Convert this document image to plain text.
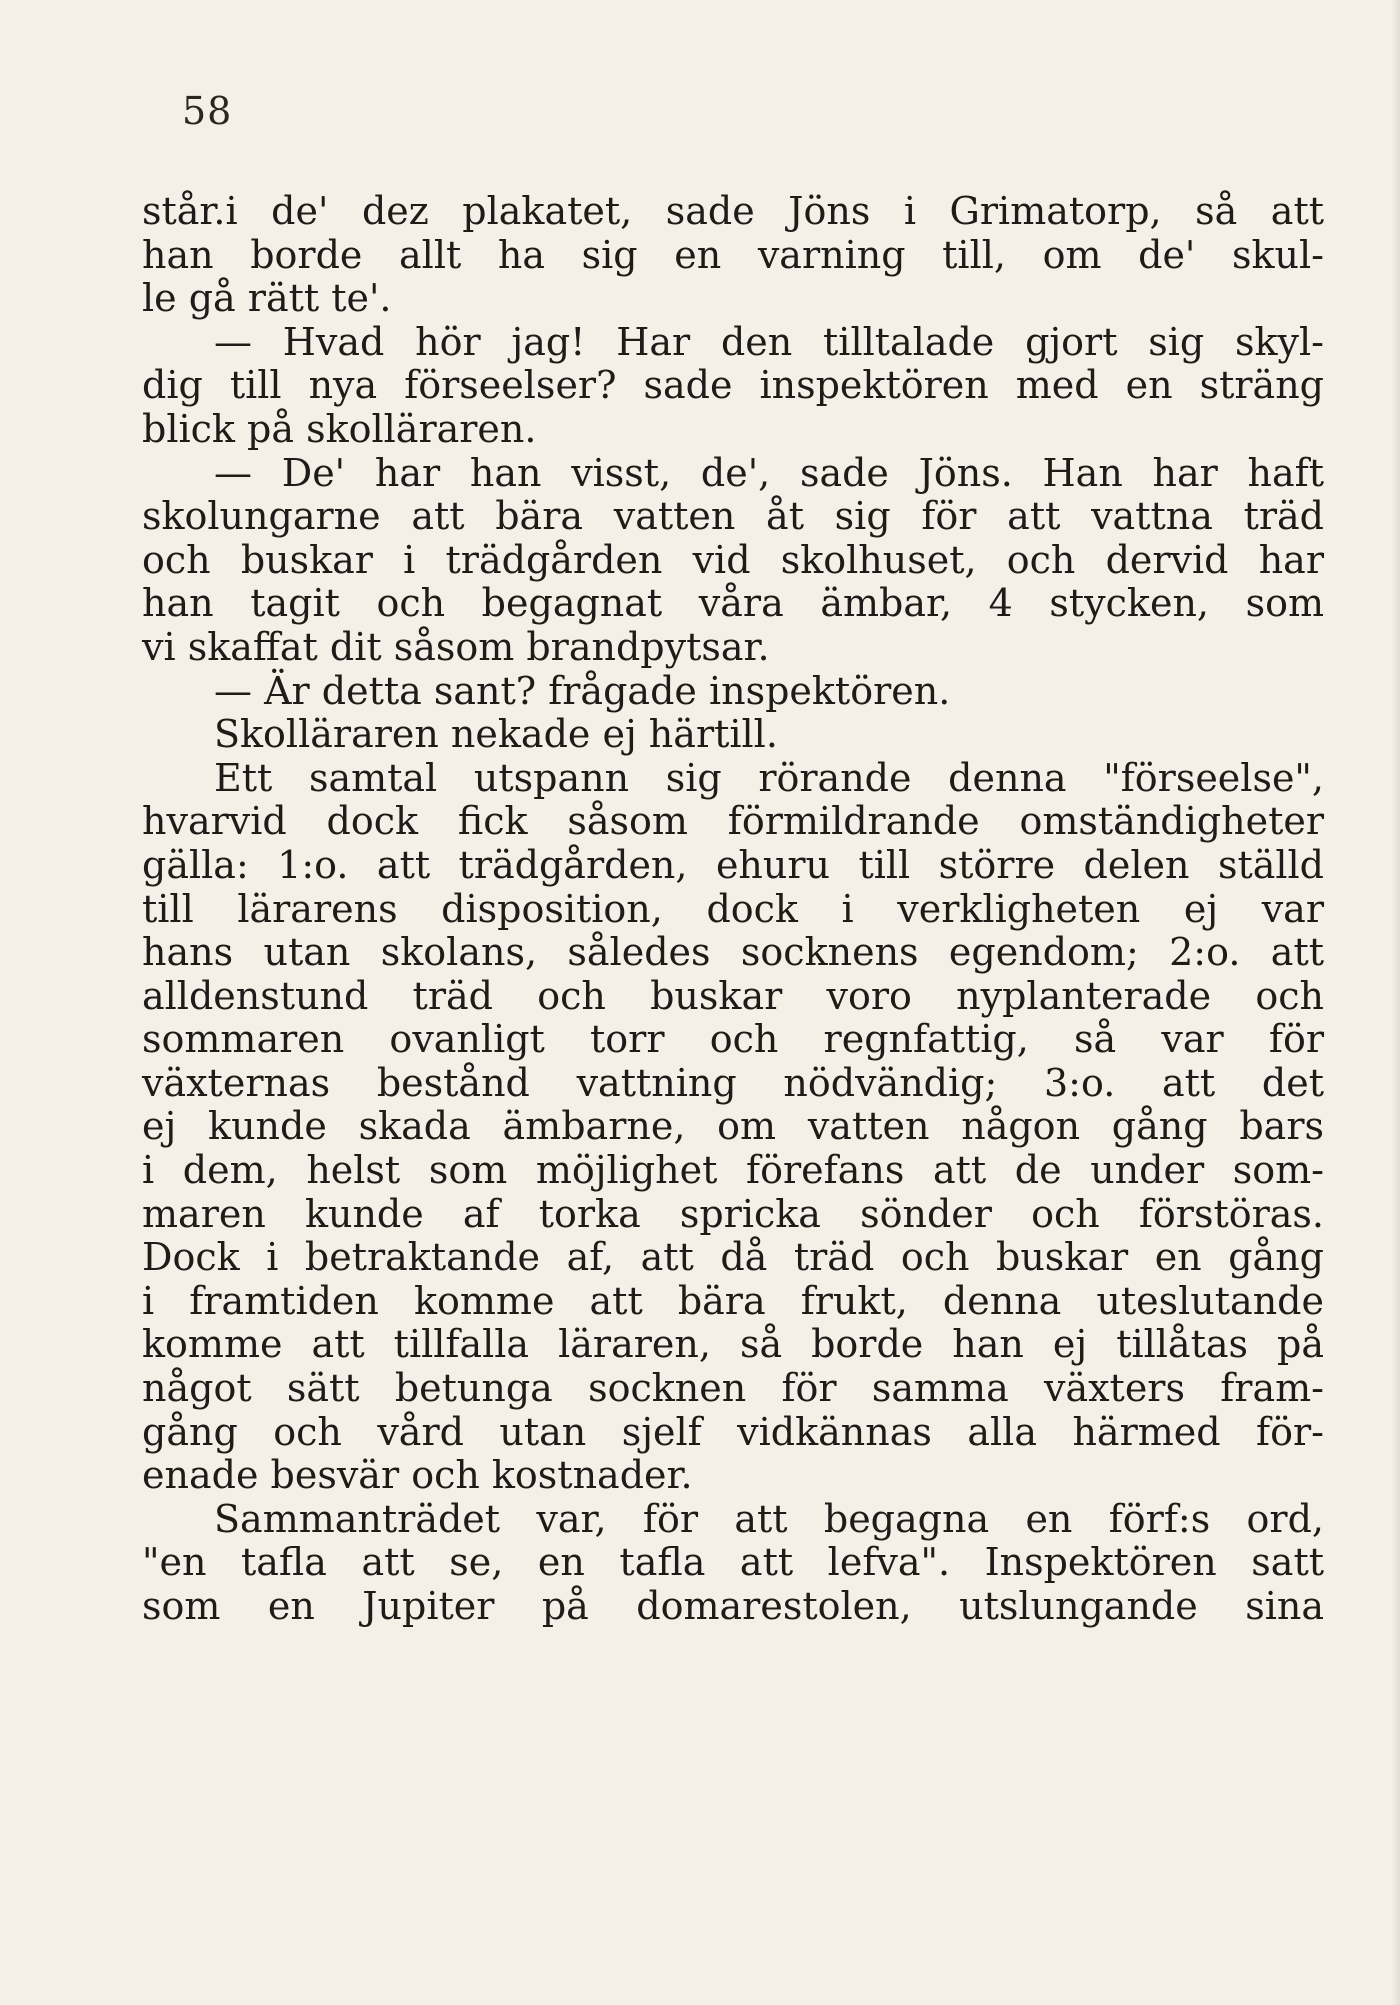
58
står.i de' dez plakatet, sade Jöns i Grimatorp, så att
han borde allt ha sig en varning till, om de' skul-
le gå rätt te'.
— Hvad hör jag! Har den tilltalade gjort sig skyl-
dig till nya förseelser? sade inspektören med en sträng
blick på skolläraren.
— De' har han visst, de', sade Jöns. Han har haft
skolungarne att bära vatten åt sig för att vattna träd
och buskar i trädgården vid skolhuset, och dervid har
han tagit och begagnat våra ämbar, 4 stycken, som
vi skaffat dit såsom brandpytsar.
— Är detta sant? frågade inspektören.
Skolläraren nekade ej härtill.
Ett samtal utspann sig rörande denna "förseelse",
hvarvid dock fick såsom förmildrande omständigheter
gälla: 1:o. att trädgården, ehuru till större delen ställd
till lärarens disposition, dock i verkligheten ej var
hans utan skolans, således socknens egendom; 2:o. att
alldenstund träd och buskar voro nyplanterade och
sommaren ovanligt torr och regnfattig, så var för
växternas bestånd vattning nödvändig; 3:o. att det
ej kunde skada ämbarne, om vatten någon gång bars
i dem, helst som möjlighet förefans att de under som-
maren kunde af torka spricka sönder och förstöras.
Dock i betraktande af, att då träd och buskar en gång
i framtiden komme att bära frukt, denna uteslutande
komme att tillfalla läraren, så borde han ej tillåtas på
något sätt betunga socknen för samma växters fram-
gång och vård utan sjelf vidkännas alla härmed för-
enade besvär och kostnader.
Sammanträdet var, för att begagna en förf:s ord,
"en tafla att se, en tafla att lefva". Inspektören satt
som en Jupiter på domarestolen, utslungande sina
